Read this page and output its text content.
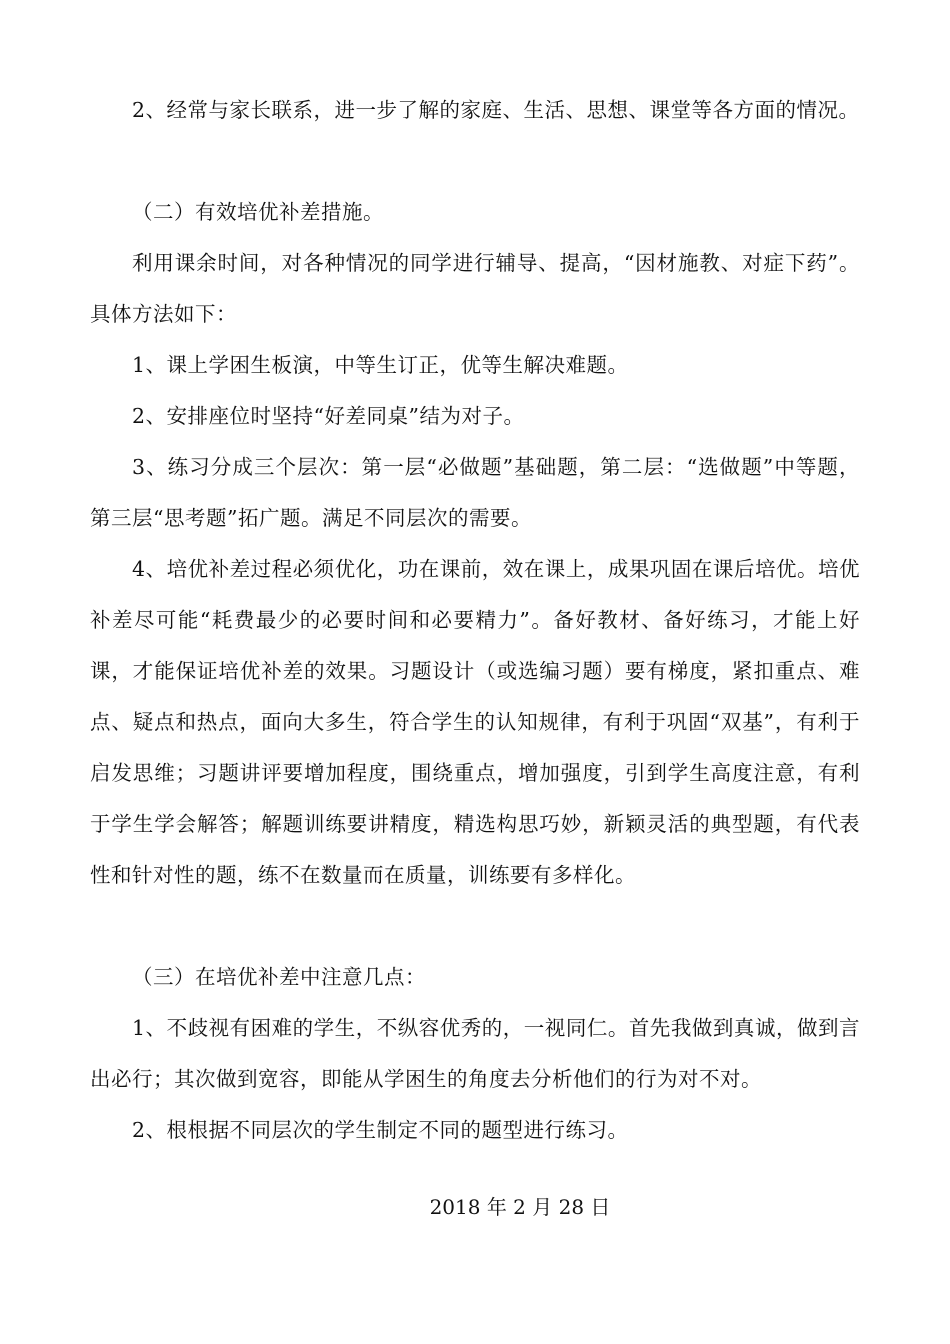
2、经常与家长联系，进一步了解的家庭、生活、思想、课堂等各方面的情况。

（二）有效培优补差措施。

利用课余时间，对各种情况的同学进行辅导、提高，“因材施教、对症下药”。具体方法如下：

1、课上学困生板演，中等生订正，优等生解决难题。

2、安排座位时坚持“好差同桌”结为对子。

3、练习分成三个层次：第一层“必做题”基础题，第二层：“选做题”中等题，第三层“思考题”拓广题。满足不同层次的需要。

4、培优补差过程必须优化，功在课前，效在课上，成果巩固在课后培优。培优补差尽可能“耗费最少的必要时间和必要精力”。备好教材、备好练习，才能上好课，才能保证培优补差的效果。习题设计（或选编习题）要有梯度，紧扣重点、难点、疑点和热点，面向大多生，符合学生的认知规律，有利于巩固“双基”，有利于启发思维；习题讲评要增加程度，围绕重点，增加强度，引到学生高度注意，有利于学生学会解答；解题训练要讲精度，精选构思巧妙，新颖灵活的典型题，有代表性和针对性的题，练不在数量而在质量，训练要有多样化。

（三）在培优补差中注意几点：

1、不歧视有困难的学生，不纵容优秀的，一视同仁。首先我做到真诚，做到言出必行；其次做到宽容，即能从学困生的角度去分析他们的行为对不对。

2、根根据不同层次的学生制定不同的题型进行练习。

2018 年 2 月 28 日
